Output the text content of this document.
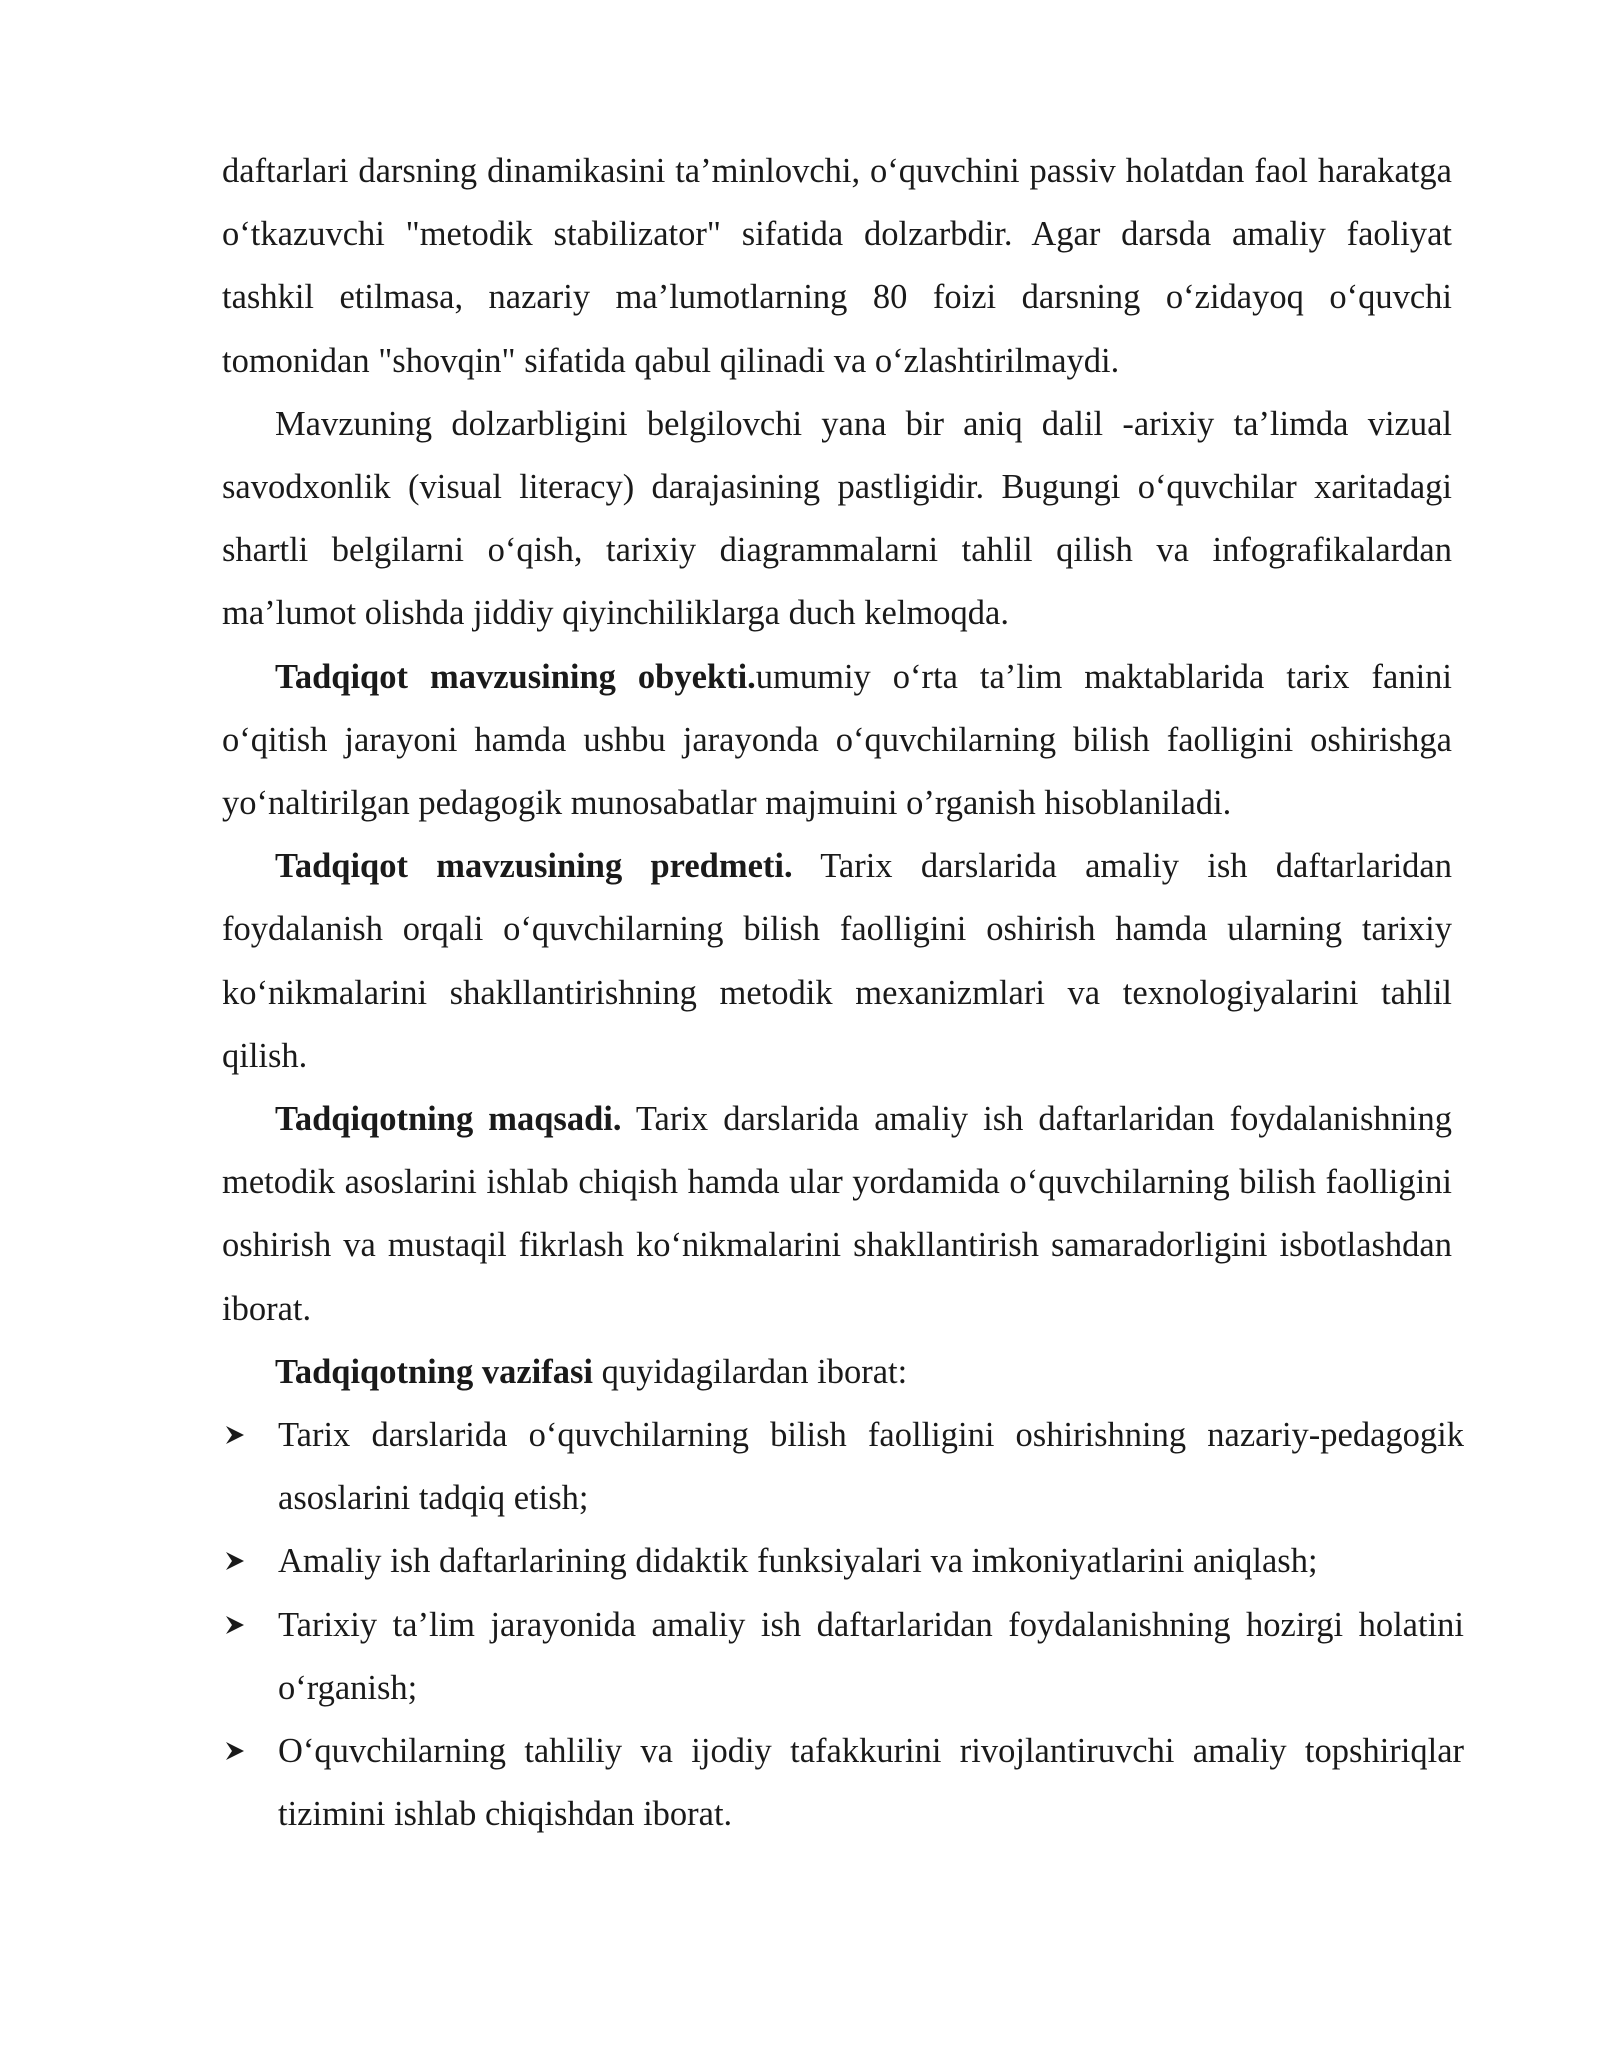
daftarlari darsning dinamikasini ta’minlovchi, o‘quvchini passiv holatdan faol harakatga o‘tkazuvchi "metodik stabilizator" sifatida dolzarbdir. Agar darsda amaliy faoliyat tashkil etilmasa, nazariy ma’lumotlarning 80 foizi darsning o‘zidayoq o‘quvchi tomonidan "shovqin" sifatida qabul qilinadi va o‘zlashtirilmaydi.

Mavzuning dolzarbligini belgilovchi yana bir aniq dalil -arixiy ta’limda vizual savodxonlik (visual literacy) darajasining pastligidir. Bugungi o‘quvchilar xaritadagi shartli belgilarni o‘qish, tarixiy diagrammalarni tahlil qilish va infografikalardan ma’lumot olishda jiddiy qiyinchiliklarga duch kelmoqda.

Tadqiqot mavzusining obyekti.umumiy o‘rta ta’lim maktablarida tarix fanini o‘qitish jarayoni hamda ushbu jarayonda o‘quvchilarning bilish faolligini oshirishga yo‘naltirilgan pedagogik munosabatlar majmuini o’rganish hisoblaniladi.

Tadqiqot mavzusining predmeti. Tarix darslarida amaliy ish daftarlaridan foydalanish orqali o‘quvchilarning bilish faolligini oshirish hamda ularning tarixiy ko‘nikmalarini shakllantirishning metodik mexanizmlari va texnologiyalarini tahlil qilish.

Tadqiqotning maqsadi. Tarix darslarida amaliy ish daftarlaridan foydalanishning metodik asoslarini ishlab chiqish hamda ular yordamida o‘quvchilarning bilish faolligini oshirish va mustaqil fikrlash ko‘nikmalarini shakllantirish samaradorligini isbotlashdan iborat.

Tadqiqotning vazifasi quyidagilardan iborat:

Tarix darslarida o‘quvchilarning bilish faolligini oshirishning nazariy-pedagogik asoslarini tadqiq etish;
Amaliy ish daftarlarining didaktik funksiyalari va imkoniyatlarini aniqlash;
Tarixiy ta’lim jarayonida amaliy ish daftarlaridan foydalanishning hozirgi holatini o‘rganish;
O‘quvchilarning tahliliy va ijodiy tafakkurini rivojlantiruvchi amaliy topshiriqlar tizimini ishlab chiqishdan iborat.
